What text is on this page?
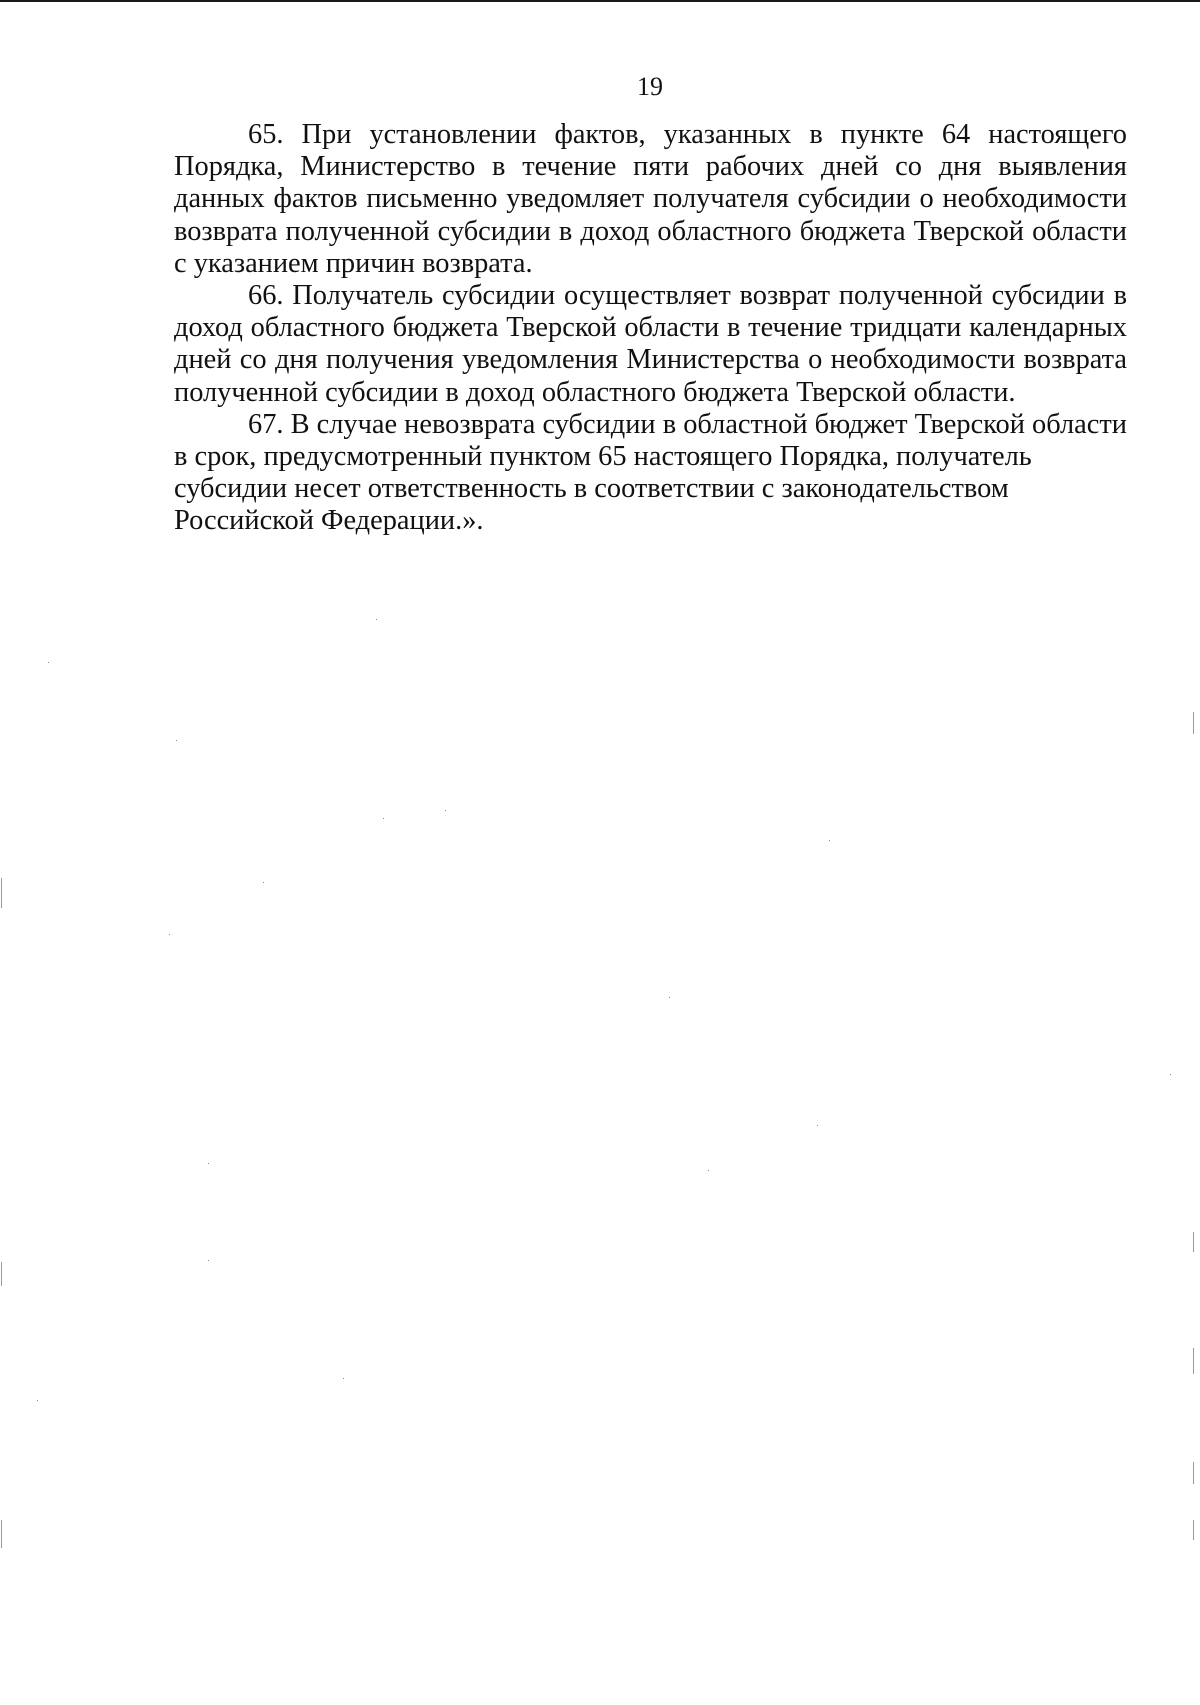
19

65. При установлении фактов, указанных в пункте 64 настоящего Порядка, Министерство в течение пяти рабочих дней со дня выявления данных фактов письменно уведомляет получателя субсидии о необходимости возврата полученной субсидии в доход областного бюджета Тверской области с указанием причин возврата.

66. Получатель субсидии осуществляет возврат полученной субсидии в доход областного бюджета Тверской области в течение тридцати календарных дней со дня получения уведомления Министерства о необходимости возврата полученной субсидии в доход областного бюджета Тверской области.

67. В случае невозврата субсидии в областной бюджет Тверской области в срок, предусмотренный пунктом 65 настоящего Порядка, получатель субсидии несет ответственность в соответствии с законодательством Российской Федерации.».
